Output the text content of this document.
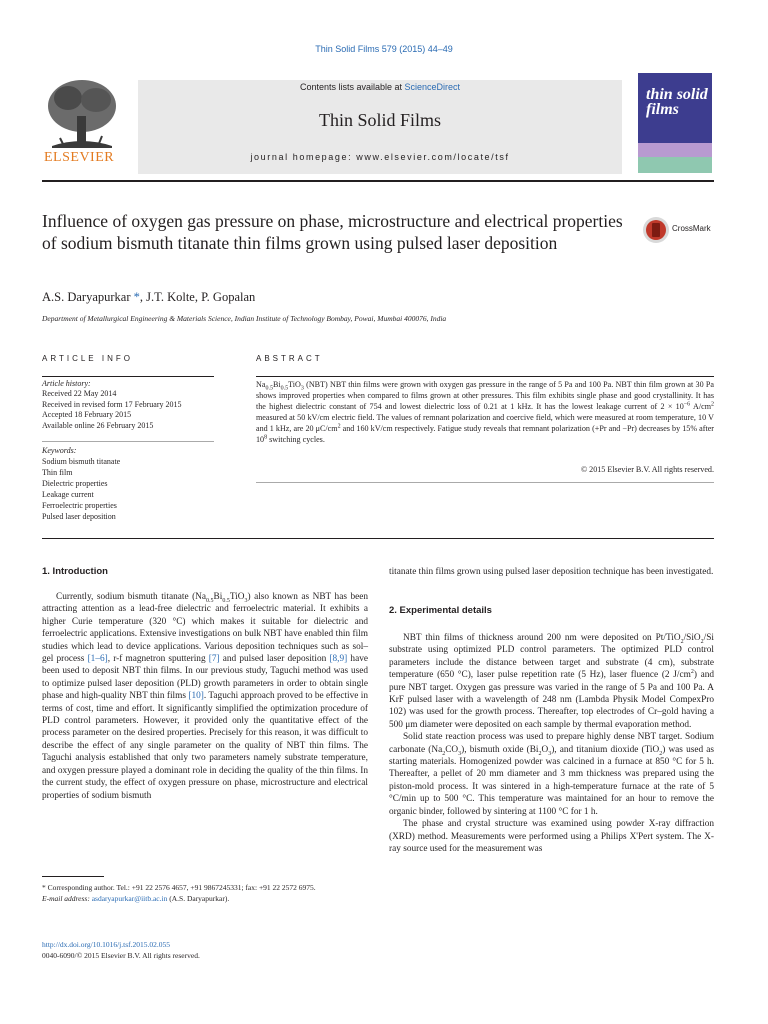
Thin Solid Films 579 (2015) 44–49
ELSEVIER
Contents lists available at ScienceDirect
Thin Solid Films
journal homepage: www.elsevier.com/locate/tsf
thin solid films
Influence of oxygen gas pressure on phase, microstructure and electrical properties of sodium bismuth titanate thin films grown using pulsed laser deposition
CrossMark
A.S. Daryapurkar *, J.T. Kolte, P. Gopalan
Department of Metallurgical Engineering & Materials Science, Indian Institute of Technology Bombay, Powai, Mumbai 400076, India
ARTICLE INFO	ABSTRACT
Article history:
Received 22 May 2014
Received in revised form 17 February 2015
Accepted 18 February 2015
Available online 26 February 2015
Keywords:
Sodium bismuth titanate
Thin film
Dielectric properties
Leakage current
Ferroelectric properties
Pulsed laser deposition
$Na_{0.5}Bi_{0.5}TiO_3$ (NBT) NBT thin films were grown with oxygen gas pressure in the range of 5 Pa and 100 Pa. NBT thin film grown at 30 Pa shows improved properties when compared to films grown at other pressures. This film exhibits single phase and good crystallinity. It has the highest dielectric constant of 754 and lowest dielectric loss of 0.21 at 1 kHz. It has the lowest leakage current of $2 \times 10^{-6}$ $A/cm^2$ measured at 50 kV/cm electric field. The values of remnant polarization and coercive field, which were measured at room temperature, 10 V and 1 kHz, are 20 $\mu C/cm^2$ and 160 kV/cm respectively. Fatigue study reveals that remnant polarization (+Pr and −Pr) decreases by 15% after $10^8$ switching cycles.
© 2015 Elsevier B.V. All rights reserved.
1. Introduction

Currently, sodium bismuth titanate $(Na_{0.5}Bi_{0.5}TiO_3)$ also known as NBT has been attracting attention as a lead-free dielectric and ferroelectric material. It exhibits a higher Curie temperature (320 °C) which makes it suitable for dielectric and ferroelectric applications. Extensive investigations on bulk NBT have enabled thin film studies which lead to device applications. Various deposition techniques such as sol–gel process [1–6], r-f magnetron sputtering [7] and pulsed laser deposition [8,9] have been used to deposit NBT thin films. In our previous study, Taguchi method was used to optimize pulsed laser deposition (PLD) growth parameters in order to obtain single phase and high-quality NBT thin films [10]. Taguchi approach proved to be effective in terms of cost, time and effort. It significantly simplified the optimization procedure of PLD control parameters. However, it provided only the quantitative effect of the process parameter on the desired properties. Precisely for this reason, it was difficult to describe the effect of any single parameter on the quality of NBT thin films. The Taguchi analysis established that only two parameters namely substrate temperature, and oxygen pressure played a dominant role in deciding the quality of the thin films. In the current study, the effect of oxygen pressure on phase, microstructure and electrical properties of sodium bismuth

titanate thin films grown using pulsed laser deposition technique has been investigated.

2. Experimental details

NBT thin films of thickness around 200 nm were deposited on Pt/TiO$_2$/SiO$_2$/Si substrate using optimized PLD control parameters. The optimized PLD control parameters include the distance between target and substrate (4 cm), substrate temperature (650 °C), laser pulse repetition rate (5 Hz), laser fluence (2 $J/cm^2$) and pure NBT target. Oxygen gas pressure was varied in the range of 5 Pa and 100 Pa. A KrF pulsed laser with a wavelength of 248 nm (Lambda Physik Model CompexPro 102) was used for the growth process. Thereafter, top electrodes of Cr–gold having a 500 μm diameter were deposited on each sample by thermal evaporation method.

Solid state reaction process was used to prepare highly dense NBT target. Sodium carbonate $(Na_2CO_3)$, bismuth oxide $(Bi_2O_3)$, and titanium dioxide (TiO$_2$) was used as starting materials. Homogenized powder was calcined in a furnace at 850 °C for 5 h. Thereafter, a pellet of 20 mm diameter and 3 mm thickness was prepared using the piston-mold process. It was sintered in a high-temperature furnace at the rate of 5 °C/min up to 500 °C. This temperature was maintained for an hour to remove the organic binder, followed by sintering at 1100 °C for 1 h.

The phase and crystal structure was examined using powder X-ray diffraction (XRD) method. Measurements were performed using a Philips X'Pert system. The X-ray source used for the measurement was

* Corresponding author. Tel.: +91 22 2576 4657, +91 9867245331; fax: +91 22 2572 6975.
E-mail address: asdaryapurkar@iitb.ac.in (A.S. Daryapurkar).
http://dx.doi.org/10.1016/j.tsf.2015.02.055
0040-6090/© 2015 Elsevier B.V. All rights reserved.
